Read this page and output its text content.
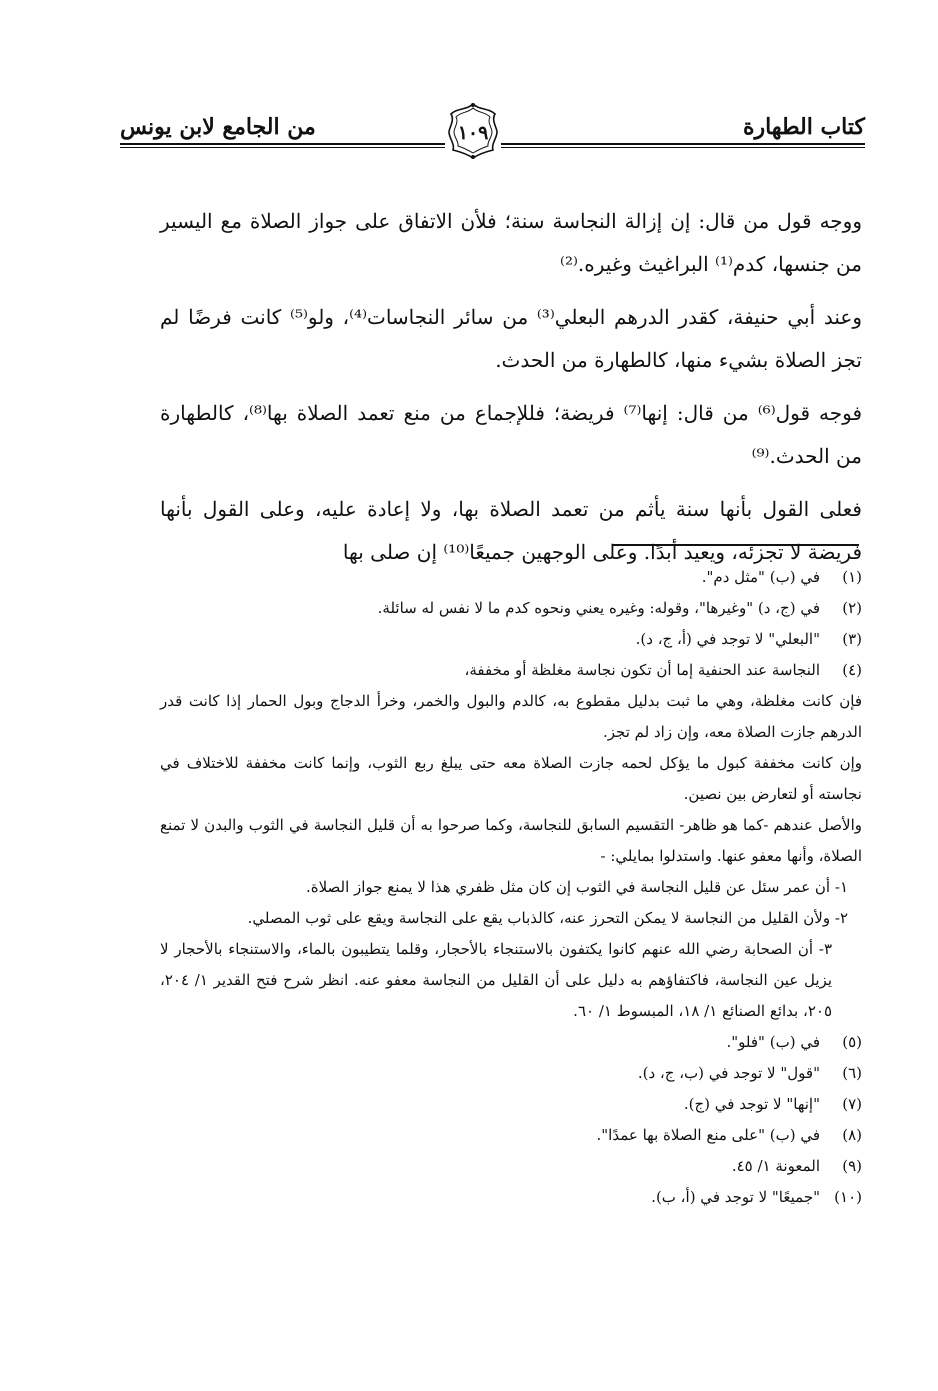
من الجامع لابن يونس	كتاب الطهارة
١٠٩

ووجه قول من قال: إن إزالة النجاسة سنة؛ فلأن الاتفاق على جواز الصلاة مع اليسير من جنسها، كدم⁽¹⁾ البراغيث وغيره.⁽²⁾

وعند أبي حنيفة، كقدر الدرهم البعلي⁽³⁾ من سائر النجاسات⁽⁴⁾، ولو⁽⁵⁾ كانت فرضًا لم تجز الصلاة بشيء منها، كالطهارة من الحدث.

فوجه قول⁽⁶⁾ من قال: إنها⁽⁷⁾ فريضة؛ فللإجماع من منع تعمد الصلاة بها⁽⁸⁾، كالطهارة من الحدث.⁽⁹⁾

فعلى القول بأنها سنة يأثم من تعمد الصلاة بها، ولا إعادة عليه، وعلى القول بأنها فريضة لا تجزئه، ويعيد أبدًا. وعلى الوجهين جميعًا⁽¹⁰⁾ إن صلى بها

(١)
في (ب) "مثل دم".
(٢)
في (ج، د) "وغيرها"، وقوله: وغيره يعني ونحوه كدم ما لا نفس له سائلة.
(٣)
"البعلي" لا توجد في (أ، ج، د).
(٤)
النجاسة عند الحنفية إما أن تكون نجاسة مغلظة أو مخففة،
فإن كانت مغلظة، وهي ما ثبت بدليل مقطوع به، كالدم والبول والخمر، وخرأ الدجاج وبول الحمار إذا كانت قدر الدرهم جازت الصلاة معه، وإن زاد لم تجز.
وإن كانت مخففة كبول ما يؤكل لحمه جازت الصلاة معه حتى يبلغ ربع الثوب، وإنما كانت مخففة للاختلاف في نجاسته أو لتعارض بين نصين.
والأصل عندهم -كما هو ظاهر- التقسيم السابق للنجاسة، وكما صرحوا به أن قليل النجاسة في الثوب والبدن لا تمنع الصلاة، وأنها معفو عنها. واستدلوا بمايلي: -
١- أن عمر سئل عن قليل النجاسة في الثوب إن كان مثل ظفري هذا لا يمنع جواز الصلاة.
٢- ولأن القليل من النجاسة لا يمكن التحرز عنه، كالذباب يقع على النجاسة ويقع على ثوب المصلي.
٣- أن الصحابة رضي الله عنهم كانوا يكتفون بالاستنجاء بالأحجار، وقلما يتطيبون بالماء، والاستنجاء بالأحجار لا يزيل عين النجاسة، فاكتفاؤهم به دليل على أن القليل من النجاسة معفو عنه. انظر شرح فتح القدير ١/ ٢٠٤، ٢٠٥، بدائع الصنائع ١/ ١٨، المبسوط ١/ ٦٠.
(٥)
في (ب) "فلو".
(٦)
"قول" لا توجد في (ب، ج، د).
(٧)
"إنها" لا توجد في (ج).
(٨)
في (ب) "على منع الصلاة بها عمدًا".
(٩)
المعونة ١/ ٤٥.
(١٠)
"جميعًا" لا توجد في (أ، ب).
